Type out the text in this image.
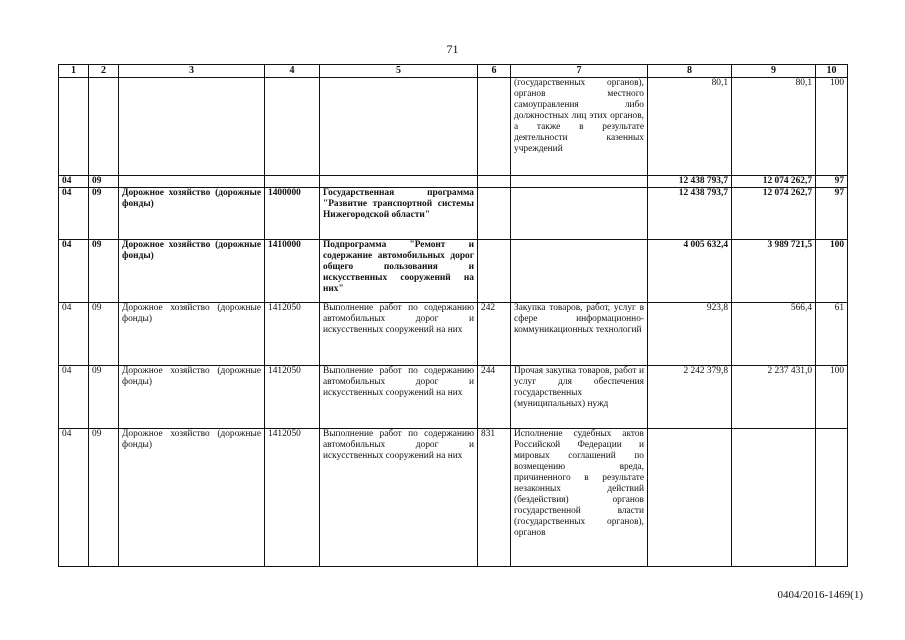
71
1	2	3	4	5	6	7	8	9	10
						(государственных органов), органов местного самоуправления либо должностных лиц этих органов, а также в результате деятельности казенных учреждений	80,1	80,1	100
04	09						12 438 793,7	12 074 262,7	97
04	09	Дорожное хозяйство (дорожные фонды)	1400000	Государственная программа "Развитие транспортной системы Нижегородской области"			12 438 793,7	12 074 262,7	97
04	09	Дорожное хозяйство (дорожные фонды)	1410000	Подпрограмма "Ремонт и содержание автомобильных дорог общего пользования и искусственных сооружений на них"			4 005 632,4	3 989 721,5	100
04	09	Дорожное хозяйство (дорожные фонды)	1412050	Выполнение работ по содержанию автомобильных дорог и искусственных сооружений на них	242	Закупка товаров, работ, услуг в сфере информационно-коммуникационных технологий	923,8	566,4	61
04	09	Дорожное хозяйство (дорожные фонды)	1412050	Выполнение работ по содержанию автомобильных дорог и искусственных сооружений на них	244	Прочая закупка товаров, работ и услуг для обеспечения государственных (муниципальных) нужд	2 242 379,8	2 237 431,0	100
04	09	Дорожное хозяйство (дорожные фонды)	1412050	Выполнение работ по содержанию автомобильных дорог и искусственных сооружений на них	831	Исполнение судебных актов Российской Федерации и мировых соглашений по возмещению вреда, причиненного в результате незаконных действий (бездействия) органов государственной власти (государственных органов), органов			
0404/2016-1469(1)
